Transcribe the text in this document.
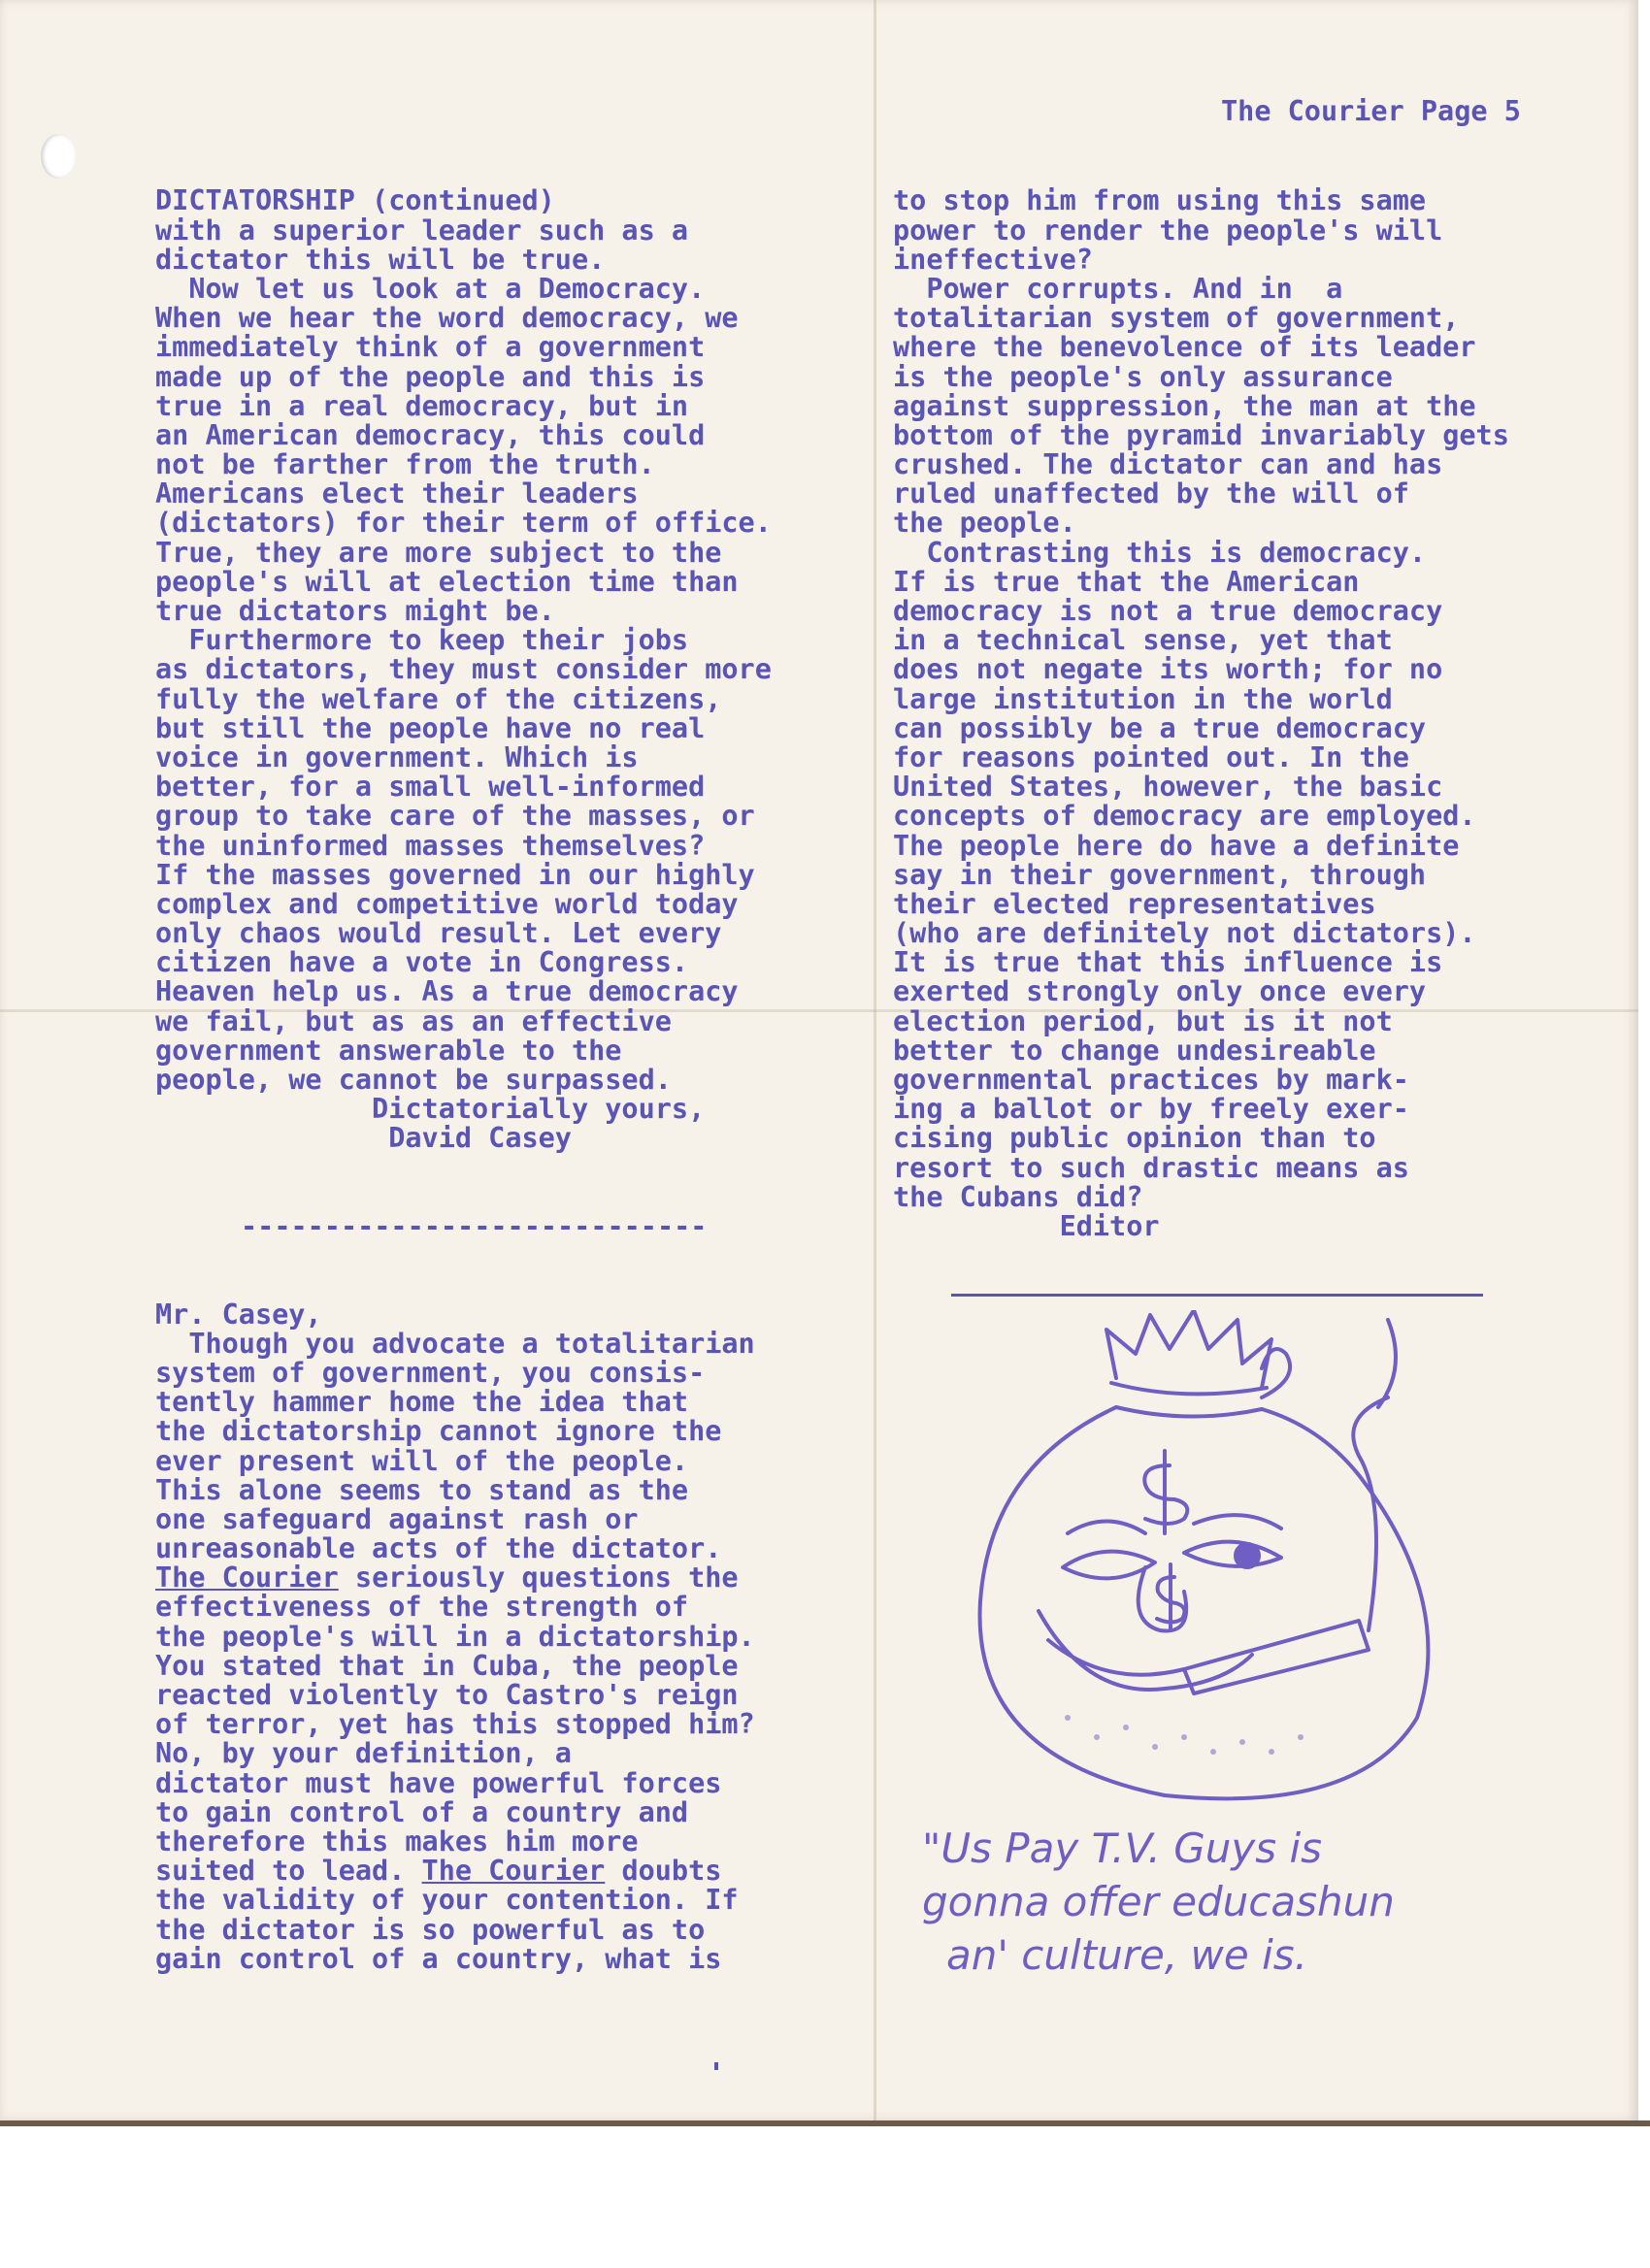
The Courier Page 5

DICTATORSHIP (continued)
with a superior leader such as a
dictator this will be true.
Now let us look at a Democracy.
When we hear the word democracy, we
immediately think of a government
made up of the people and this is
true in a real democracy, but in
an American democracy, this could
not be farther from the truth.
Americans elect their leaders
(dictators) for their term of office.
True, they are more subject to the
people's will at election time than
true dictators might be.
Furthermore to keep their jobs
as dictators, they must consider more
fully the welfare of the citizens,
but still the people have no real
voice in government. Which is
better, for a small well-informed
group to take care of the masses, or
the uninformed masses themselves?
If the masses governed in our highly
complex and competitive world today
only chaos would result. Let every
citizen have a vote in Congress.
Heaven help us. As a true democracy
we fail, but as as an effective
government answerable to the
people, we cannot be surpassed.
Dictatorially yours,
David Casey

----------------------------

Mr. Casey,
Though you advocate a totalitarian
system of government, you consis-
tently hammer home the idea that
the dictatorship cannot ignore the
ever present will of the people.
This alone seems to stand as the
one safeguard against rash or
unreasonable acts of the dictator.
The Courier seriously questions the
effectiveness of the strength of
the people's will in a dictatorship.
You stated that in Cuba, the people
reacted violently to Castro's reign
of terror, yet has this stopped him?
No, by your definition, a
dictator must have powerful forces
to gain control of a country and
therefore this makes him more
suited to lead. The Courier doubts
the validity of your contention. If
the dictator is so powerful as to
gain control of a country, what is

to stop him from using this same
power to render the people's will
ineffective?
Power corrupts. And in  a
totalitarian system of government,
where the benevolence of its leader
is the people's only assurance
against suppression, the man at the
bottom of the pyramid invariably gets
crushed. The dictator can and has
ruled unaffected by the will of
the people.
Contrasting this is democracy.
If is true that the American
democracy is not a true democracy
in a technical sense, yet that
does not negate its worth; for no
large institution in the world
can possibly be a true democracy
for reasons pointed out. In the
United States, however, the basic
concepts of democracy are employed.
The people here do have a definite
say in their government, through
their elected representatives
(who are definitely not dictators).
It is true that this influence is
exerted strongly only once every
election period, but is it not
better to change undesireable
governmental practices by mark-
ing a ballot or by freely exer-
cising public opinion than to
resort to such drastic means as
the Cubans did?
Editor

"Us Pay T.V. Guys is
gonna offer educashun
an' culture, we is.
